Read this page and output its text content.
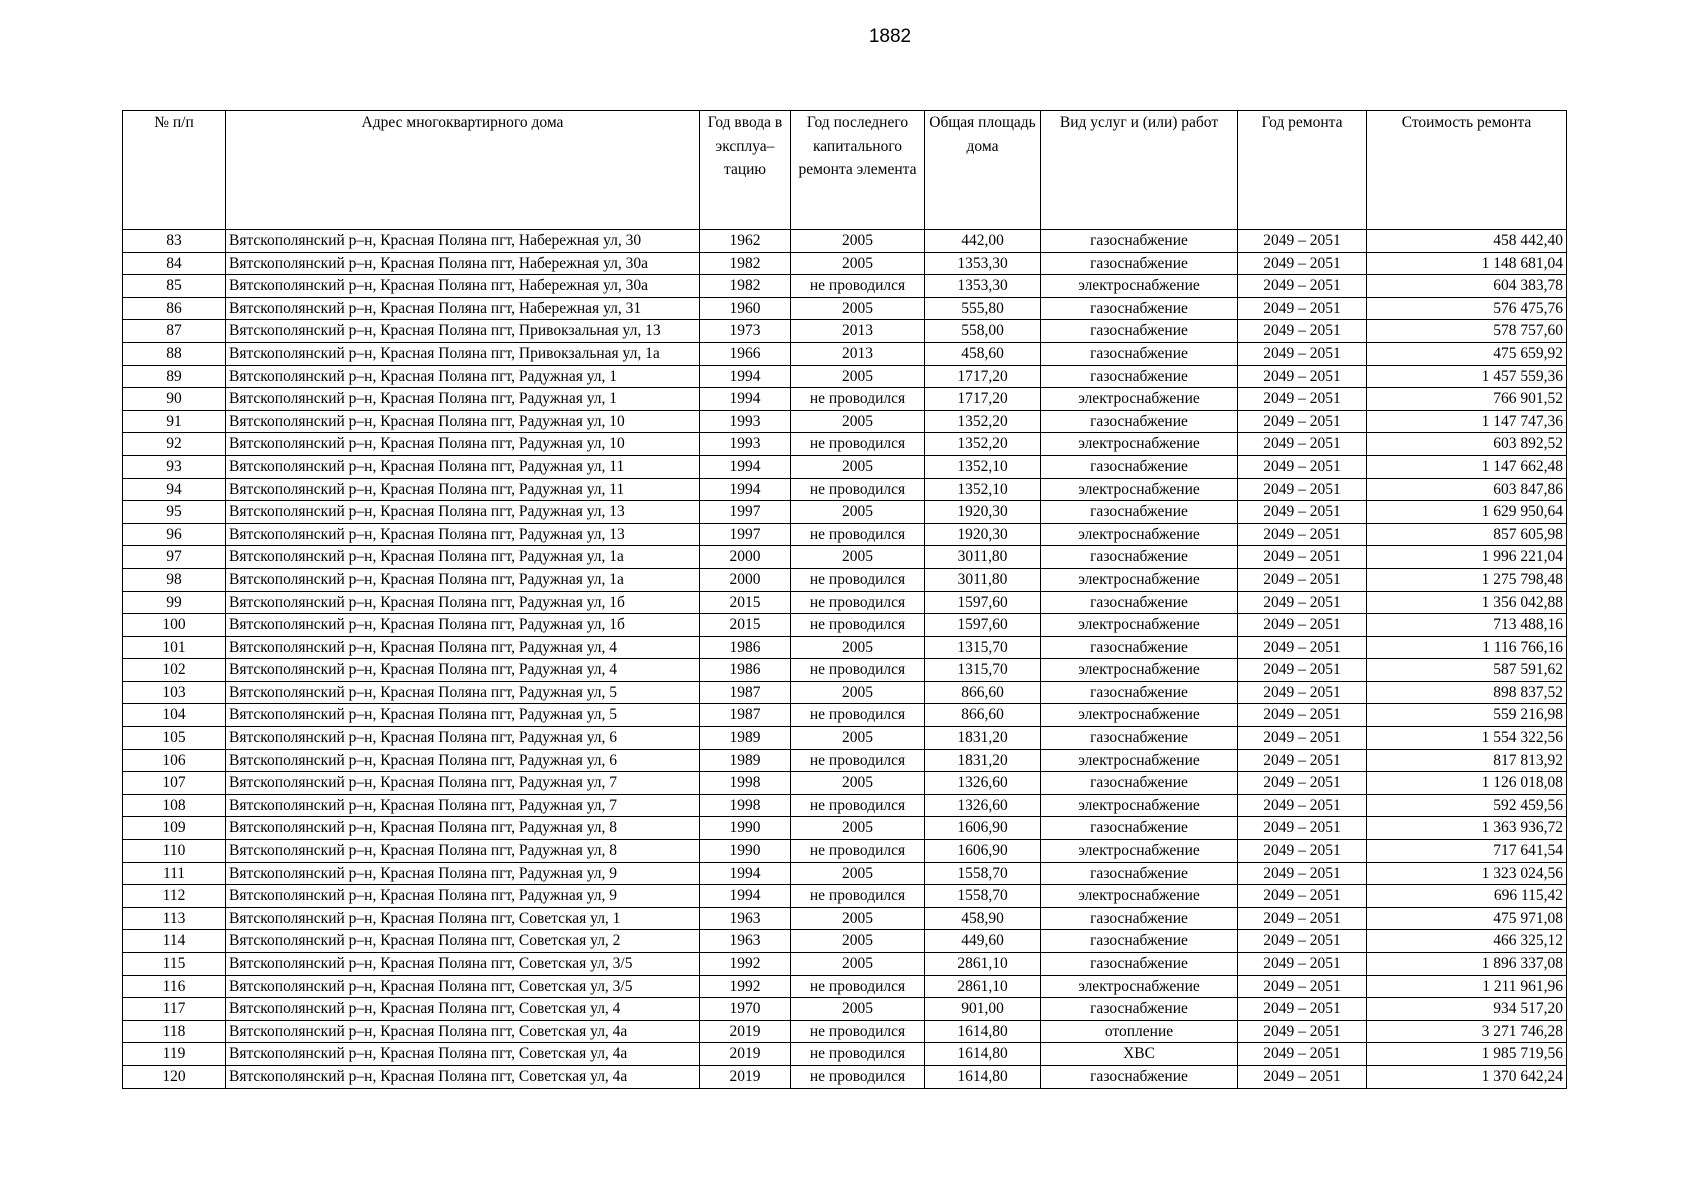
1882
№ п/п	Адрес многоквартирного дома	Год ввода в эксплуа–тацию	Год последнего капитального ремонта элемента	Общая площадь дома	Вид услуг и (или) работ	Год ремонта	Стоимость ремонта
83	Вятскополянский р–н, Красная Поляна пгт, Набережная ул, 30	1962	2005	442,00	газоснабжение	2049 – 2051	458 442,40
84	Вятскополянский р–н, Красная Поляна пгт, Набережная ул, 30а	1982	2005	1353,30	газоснабжение	2049 – 2051	1 148 681,04
85	Вятскополянский р–н, Красная Поляна пгт, Набережная ул, 30а	1982	не проводился	1353,30	электроснабжение	2049 – 2051	604 383,78
86	Вятскополянский р–н, Красная Поляна пгт, Набережная ул, 31	1960	2005	555,80	газоснабжение	2049 – 2051	576 475,76
87	Вятскополянский р–н, Красная Поляна пгт, Привокзальная ул, 13	1973	2013	558,00	газоснабжение	2049 – 2051	578 757,60
88	Вятскополянский р–н, Красная Поляна пгт, Привокзальная ул, 1а	1966	2013	458,60	газоснабжение	2049 – 2051	475 659,92
89	Вятскополянский р–н, Красная Поляна пгт, Радужная ул, 1	1994	2005	1717,20	газоснабжение	2049 – 2051	1 457 559,36
90	Вятскополянский р–н, Красная Поляна пгт, Радужная ул, 1	1994	не проводился	1717,20	электроснабжение	2049 – 2051	766 901,52
91	Вятскополянский р–н, Красная Поляна пгт, Радужная ул, 10	1993	2005	1352,20	газоснабжение	2049 – 2051	1 147 747,36
92	Вятскополянский р–н, Красная Поляна пгт, Радужная ул, 10	1993	не проводился	1352,20	электроснабжение	2049 – 2051	603 892,52
93	Вятскополянский р–н, Красная Поляна пгт, Радужная ул, 11	1994	2005	1352,10	газоснабжение	2049 – 2051	1 147 662,48
94	Вятскополянский р–н, Красная Поляна пгт, Радужная ул, 11	1994	не проводился	1352,10	электроснабжение	2049 – 2051	603 847,86
95	Вятскополянский р–н, Красная Поляна пгт, Радужная ул, 13	1997	2005	1920,30	газоснабжение	2049 – 2051	1 629 950,64
96	Вятскополянский р–н, Красная Поляна пгт, Радужная ул, 13	1997	не проводился	1920,30	электроснабжение	2049 – 2051	857 605,98
97	Вятскополянский р–н, Красная Поляна пгт, Радужная ул, 1а	2000	2005	3011,80	газоснабжение	2049 – 2051	1 996 221,04
98	Вятскополянский р–н, Красная Поляна пгт, Радужная ул, 1а	2000	не проводился	3011,80	электроснабжение	2049 – 2051	1 275 798,48
99	Вятскополянский р–н, Красная Поляна пгт, Радужная ул, 1б	2015	не проводился	1597,60	газоснабжение	2049 – 2051	1 356 042,88
100	Вятскополянский р–н, Красная Поляна пгт, Радужная ул, 1б	2015	не проводился	1597,60	электроснабжение	2049 – 2051	713 488,16
101	Вятскополянский р–н, Красная Поляна пгт, Радужная ул, 4	1986	2005	1315,70	газоснабжение	2049 – 2051	1 116 766,16
102	Вятскополянский р–н, Красная Поляна пгт, Радужная ул, 4	1986	не проводился	1315,70	электроснабжение	2049 – 2051	587 591,62
103	Вятскополянский р–н, Красная Поляна пгт, Радужная ул, 5	1987	2005	866,60	газоснабжение	2049 – 2051	898 837,52
104	Вятскополянский р–н, Красная Поляна пгт, Радужная ул, 5	1987	не проводился	866,60	электроснабжение	2049 – 2051	559 216,98
105	Вятскополянский р–н, Красная Поляна пгт, Радужная ул, 6	1989	2005	1831,20	газоснабжение	2049 – 2051	1 554 322,56
106	Вятскополянский р–н, Красная Поляна пгт, Радужная ул, 6	1989	не проводился	1831,20	электроснабжение	2049 – 2051	817 813,92
107	Вятскополянский р–н, Красная Поляна пгт, Радужная ул, 7	1998	2005	1326,60	газоснабжение	2049 – 2051	1 126 018,08
108	Вятскополянский р–н, Красная Поляна пгт, Радужная ул, 7	1998	не проводился	1326,60	электроснабжение	2049 – 2051	592 459,56
109	Вятскополянский р–н, Красная Поляна пгт, Радужная ул, 8	1990	2005	1606,90	газоснабжение	2049 – 2051	1 363 936,72
110	Вятскополянский р–н, Красная Поляна пгт, Радужная ул, 8	1990	не проводился	1606,90	электроснабжение	2049 – 2051	717 641,54
111	Вятскополянский р–н, Красная Поляна пгт, Радужная ул, 9	1994	2005	1558,70	газоснабжение	2049 – 2051	1 323 024,56
112	Вятскополянский р–н, Красная Поляна пгт, Радужная ул, 9	1994	не проводился	1558,70	электроснабжение	2049 – 2051	696 115,42
113	Вятскополянский р–н, Красная Поляна пгт, Советская ул, 1	1963	2005	458,90	газоснабжение	2049 – 2051	475 971,08
114	Вятскополянский р–н, Красная Поляна пгт, Советская ул, 2	1963	2005	449,60	газоснабжение	2049 – 2051	466 325,12
115	Вятскополянский р–н, Красная Поляна пгт, Советская ул, 3/5	1992	2005	2861,10	газоснабжение	2049 – 2051	1 896 337,08
116	Вятскополянский р–н, Красная Поляна пгт, Советская ул, 3/5	1992	не проводился	2861,10	электроснабжение	2049 – 2051	1 211 961,96
117	Вятскополянский р–н, Красная Поляна пгт, Советская ул, 4	1970	2005	901,00	газоснабжение	2049 – 2051	934 517,20
118	Вятскополянский р–н, Красная Поляна пгт, Советская ул, 4а	2019	не проводился	1614,80	отопление	2049 – 2051	3 271 746,28
119	Вятскополянский р–н, Красная Поляна пгт, Советская ул, 4а	2019	не проводился	1614,80	ХВС	2049 – 2051	1 985 719,56
120	Вятскополянский р–н, Красная Поляна пгт, Советская ул, 4а	2019	не проводился	1614,80	газоснабжение	2049 – 2051	1 370 642,24
